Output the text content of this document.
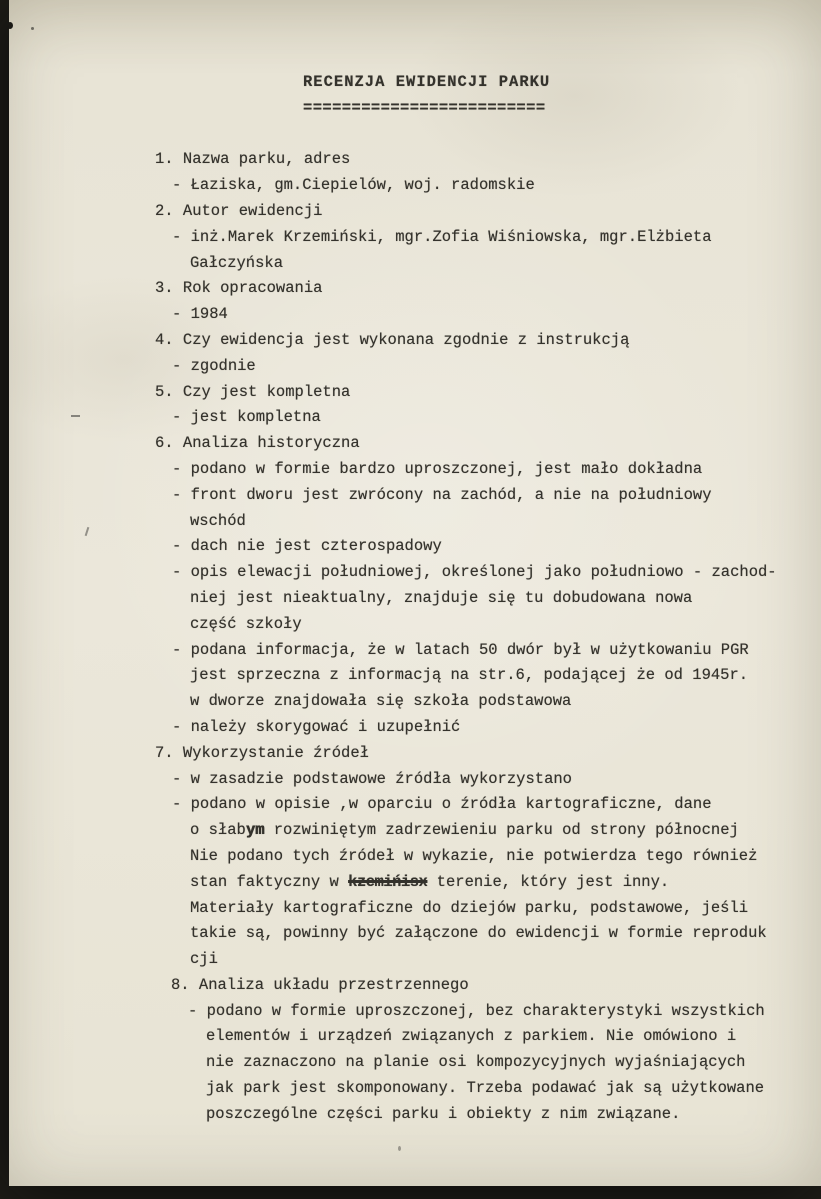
RECENZJA EWIDENCJI PARKU
=========================
1. Nazwa parku, adres
- Łaziska, gm.Ciepielów, woj. radomskie
2. Autor ewidencji
- inż.Marek Krzemiński, mgr.Zofia Wiśniowska, mgr.Elżbieta
Gałczyńska
3. Rok opracowania
- 1984
4. Czy ewidencja jest wykonana zgodnie z instrukcją
- zgodnie
5. Czy jest kompletna
- jest kompletna
6. Analiza historyczna
- podano w formie bardzo uproszczonej, jest mało dokładna
- front dworu jest zwrócony na zachód, a nie na południowy
wschód
- dach nie jest czterospadowy
- opis elewacji południowej, określonej jako południowo - zachod-
niej jest nieaktualny, znajduje się tu dobudowana nowa
część szkoły
- podana informacja, że w latach 50 dwór był w użytkowaniu PGR
jest sprzeczna z informacją na str.6, podającej że od 1945r.
w dworze znajdowała się szkoła podstawowa
- należy skorygować i uzupełnić
7. Wykorzystanie źródeł
- w zasadzie podstawowe źródła wykorzystano
- podano w opisie ,w oparciu o źródła kartograficzne, dane
o słabym rozwiniętym zadrzewieniu parku od strony północnej
Nie podano tych źródeł w wykazie, nie potwierdza tego również
stan faktyczny w kzemińisx terenie, który jest inny.
Materiały kartograficzne do dziejów parku, podstawowe, jeśli
takie są, powinny być załączone do ewidencji w formie reproduk
cji
8. Analiza układu przestrzennego
- podano w formie uproszczonej, bez charakterystyki wszystkich
elementów i urządzeń związanych z parkiem. Nie omówiono i
nie zaznaczono na planie osi kompozycyjnych wyjaśniających
jak park jest skomponowany. Trzeba podawać jak są użytkowane
poszczególne części parku i obiekty z nim związane.
